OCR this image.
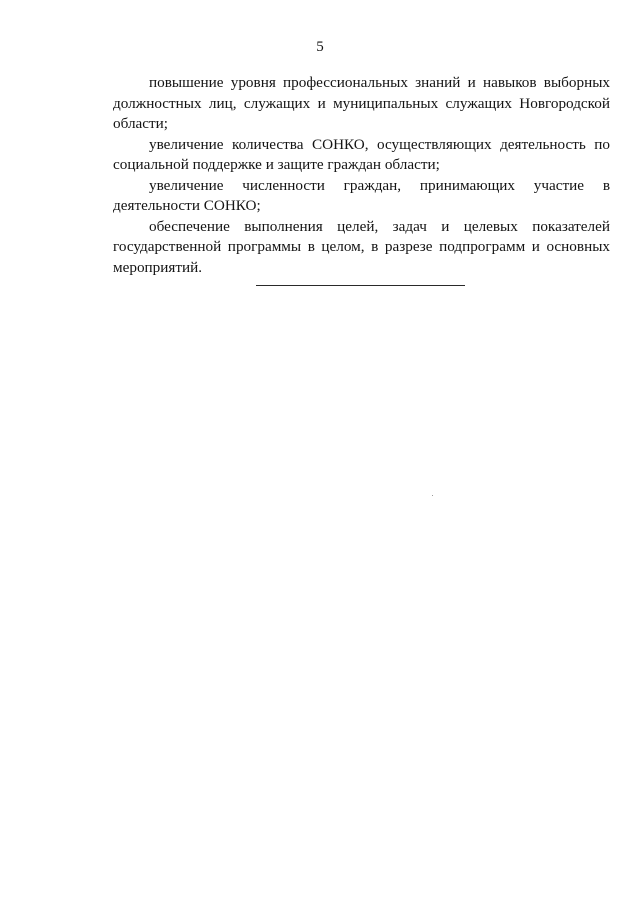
5

повышение уровня профессиональных знаний и навыков выборных должностных лиц, служащих и муниципальных служащих Новгородской области;

увеличение количества СОНКО, осуществляющих деятельность по социальной поддержке и защите граждан области;

увеличение численности граждан, принимающих участие в деятельности СОНКО;

обеспечение выполнения целей, задач и целевых показателей государственной программы в целом, в разрезе подпрограмм и основных мероприятий.
